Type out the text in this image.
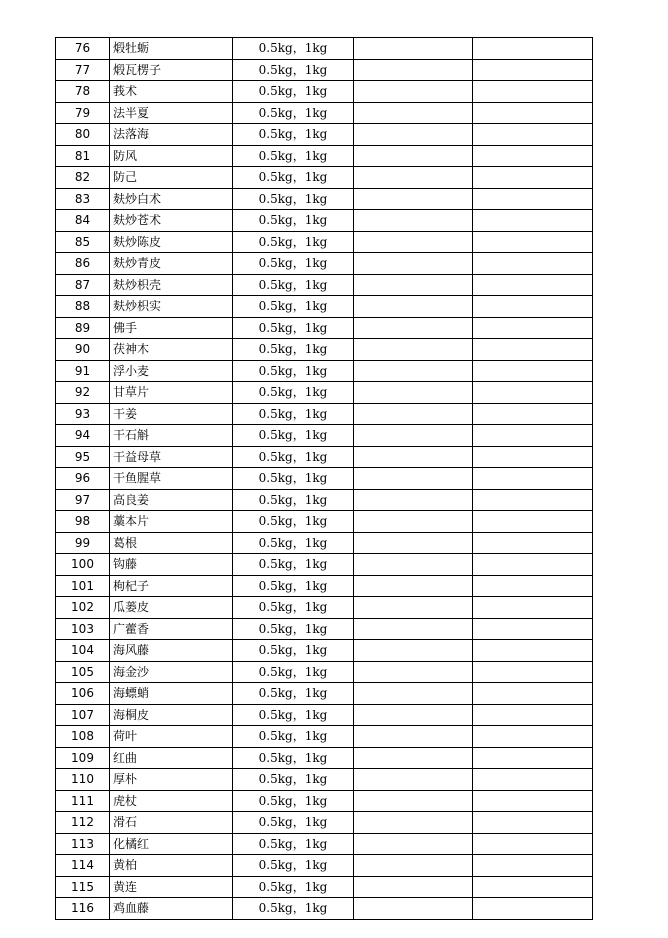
76	煅牡蛎	0.5kg，1kg		
77	煅瓦楞子	0.5kg，1kg		
78	莪术	0.5kg，1kg		
79	法半夏	0.5kg，1kg		
80	法落海	0.5kg，1kg		
81	防风	0.5kg，1kg		
82	防己	0.5kg，1kg		
83	麸炒白术	0.5kg，1kg		
84	麸炒苍术	0.5kg，1kg		
85	麸炒陈皮	0.5kg，1kg		
86	麸炒青皮	0.5kg，1kg		
87	麸炒枳壳	0.5kg，1kg		
88	麸炒枳实	0.5kg，1kg		
89	佛手	0.5kg，1kg		
90	茯神木	0.5kg，1kg		
91	浮小麦	0.5kg，1kg		
92	甘草片	0.5kg，1kg		
93	干姜	0.5kg，1kg		
94	干石斛	0.5kg，1kg		
95	干益母草	0.5kg，1kg		
96	干鱼腥草	0.5kg，1kg		
97	高良姜	0.5kg，1kg		
98	藁本片	0.5kg，1kg		
99	葛根	0.5kg，1kg		
100	钩藤	0.5kg，1kg		
101	枸杞子	0.5kg，1kg		
102	瓜蒌皮	0.5kg，1kg		
103	广藿香	0.5kg，1kg		
104	海风藤	0.5kg，1kg		
105	海金沙	0.5kg，1kg		
106	海螵蛸	0.5kg，1kg		
107	海桐皮	0.5kg，1kg		
108	荷叶	0.5kg，1kg		
109	红曲	0.5kg，1kg		
110	厚朴	0.5kg，1kg		
111	虎杖	0.5kg，1kg		
112	滑石	0.5kg，1kg		
113	化橘红	0.5kg，1kg		
114	黄柏	0.5kg，1kg		
115	黄连	0.5kg，1kg		
116	鸡血藤	0.5kg，1kg		
